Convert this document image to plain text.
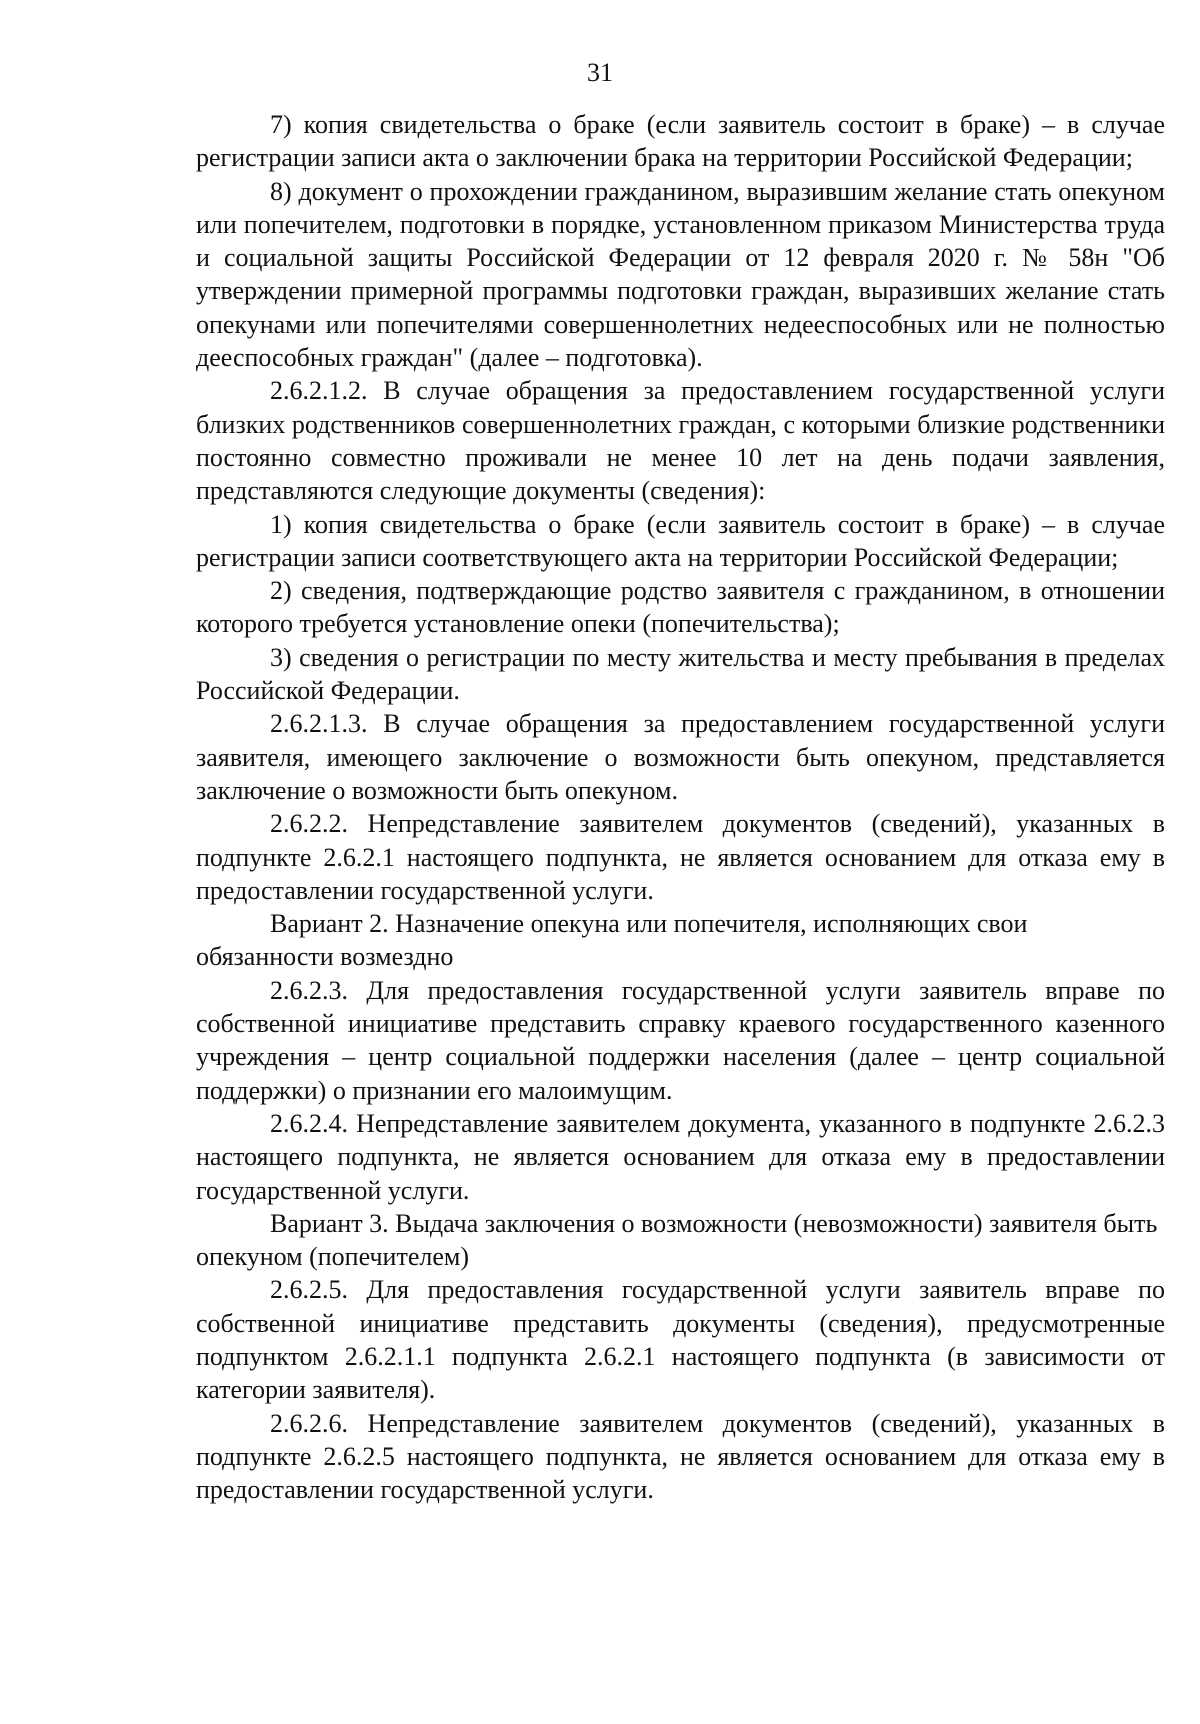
31

7) копия свидетельства о браке (если заявитель состоит в браке) – в случае регистрации записи акта о заключении брака на территории Российской Федерации;

8) документ о прохождении гражданином, выразившим желание стать опекуном или попечителем, подготовки в порядке, установленном приказом Министерства труда и социальной защиты Российской Федерации от 12 февраля 2020 г. № 58н "Об утверждении примерной программы подготовки граждан, выразивших желание стать опекунами или попечителями совершеннолетних недееспособных или не полностью дееспособных граждан" (далее – подготовка).

2.6.2.1.2. В случае обращения за предоставлением государственной услуги близких родственников совершеннолетних граждан, с которыми близкие родственники постоянно совместно проживали не менее 10 лет на день подачи заявления, представляются следующие документы (сведения):

1) копия свидетельства о браке (если заявитель состоит в браке) – в случае регистрации записи соответствующего акта на территории Российской Федерации;

2) сведения, подтверждающие родство заявителя с гражданином, в отношении которого требуется установление опеки (попечительства);

3) сведения о регистрации по месту жительства и месту пребывания в пределах Российской Федерации.

2.6.2.1.3. В случае обращения за предоставлением государственной услуги заявителя, имеющего заключение о возможности быть опекуном, представляется заключение о возможности быть опекуном.

2.6.2.2. Непредставление заявителем документов (сведений), указанных в подпункте 2.6.2.1 настоящего подпункта, не является основанием для отказа ему в предоставлении государственной услуги.

Вариант 2. Назначение опекуна или попечителя, исполняющих свои обязанности возмездно

2.6.2.3. Для предоставления государственной услуги заявитель вправе по собственной инициативе представить справку краевого государственного казенного учреждения – центр социальной поддержки населения (далее – центр социальной поддержки) о признании его малоимущим.

2.6.2.4. Непредставление заявителем документа, указанного в подпункте 2.6.2.3 настоящего подпункта, не является основанием для отказа ему в предоставлении государственной услуги.

Вариант 3. Выдача заключения о возможности (невозможности) заявителя быть опекуном (попечителем)

2.6.2.5. Для предоставления государственной услуги заявитель вправе по собственной инициативе представить документы (сведения), предусмотренные подпунктом 2.6.2.1.1 подпункта 2.6.2.1 настоящего подпункта (в зависимости от категории заявителя).

2.6.2.6. Непредставление заявителем документов (сведений), указанных в подпункте 2.6.2.5 настоящего подпункта, не является основанием для отказа ему в предоставлении государственной услуги.
